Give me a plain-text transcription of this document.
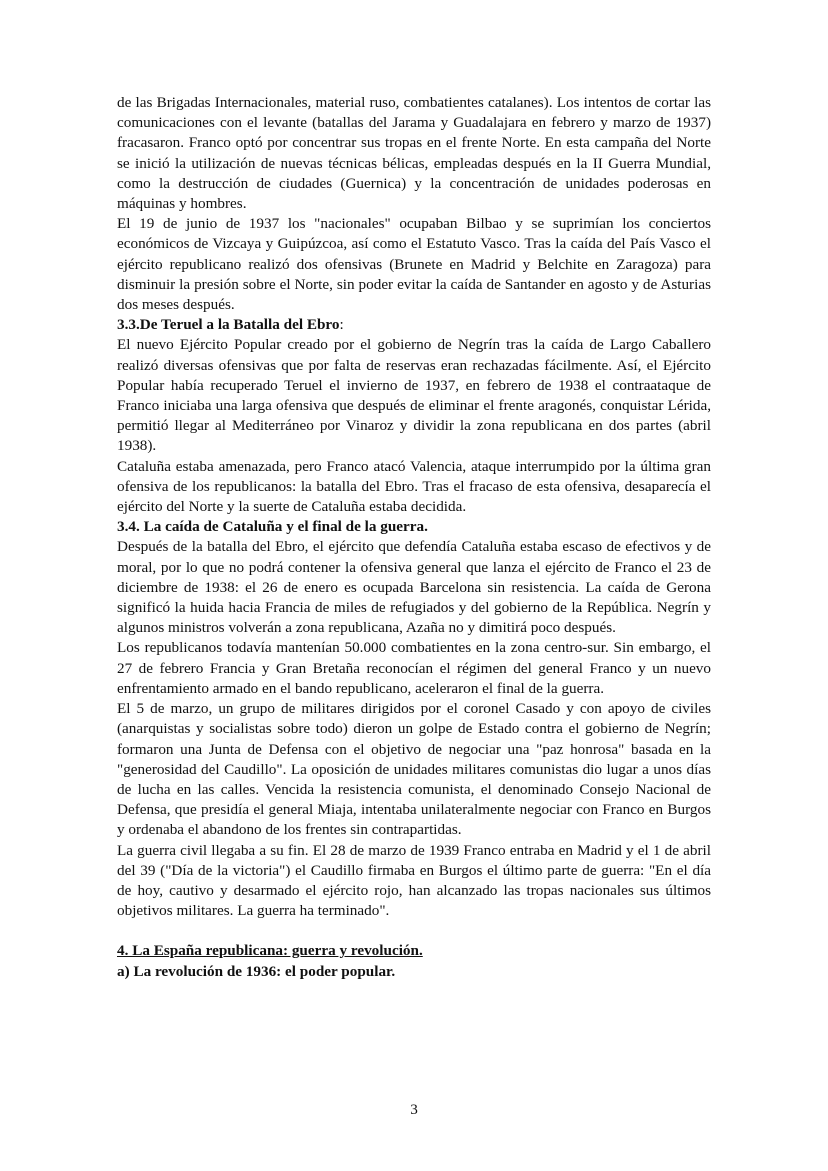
de las Brigadas Internacionales, material ruso, combatientes catalanes). Los intentos de cortar las comunicaciones con el levante (batallas del Jarama y Guadalajara en febrero y marzo de 1937) fracasaron. Franco optó por concentrar sus tropas en el frente Norte. En esta campaña del Norte se inició la utilización de nuevas técnicas bélicas, empleadas después en la II Guerra Mundial, como la destrucción de ciudades (Guernica) y la concentración de unidades poderosas en máquinas y hombres.

El 19 de junio de 1937 los "nacionales" ocupaban Bilbao y se suprimían los conciertos económicos de Vizcaya y Guipúzcoa, así como el Estatuto Vasco. Tras la caída del País Vasco el ejército republicano realizó dos ofensivas (Brunete en Madrid y Belchite en Zaragoza) para disminuir la presión sobre el Norte, sin poder evitar la caída de Santander en agosto y de Asturias dos meses después.

3.3.De Teruel a la Batalla del Ebro:

El nuevo Ejército Popular creado por el gobierno de Negrín tras la caída de Largo Caballero realizó diversas ofensivas que por falta de reservas eran rechazadas fácilmente. Así, el Ejército Popular había recuperado Teruel el invierno de 1937, en febrero de 1938 el contraataque de Franco iniciaba una larga ofensiva que después de eliminar el frente aragonés, conquistar Lérida, permitió llegar al Mediterráneo por Vinaroz y dividir la zona republicana en dos partes (abril 1938).

Cataluña estaba amenazada, pero Franco atacó Valencia, ataque interrumpido por la última gran ofensiva de los republicanos: la batalla del Ebro. Tras el fracaso de esta ofensiva, desaparecía el ejército del Norte y la suerte de Cataluña estaba decidida.

3.4. La caída de Cataluña y el final de la guerra.

Después de la batalla del Ebro, el ejército que defendía Cataluña estaba escaso de efectivos y de moral, por lo que no podrá contener la ofensiva general que lanza el ejército de Franco el 23 de diciembre de 1938: el 26 de enero es ocupada Barcelona sin resistencia. La caída de Gerona significó la huida hacia Francia de miles de refugiados y del gobierno de la República. Negrín y algunos ministros volverán a zona republicana, Azaña no y dimitirá poco después.

Los republicanos todavía mantenían 50.000 combatientes en la zona centro-sur. Sin embargo, el 27 de febrero Francia y Gran Bretaña reconocían el régimen del general Franco y un nuevo enfrentamiento armado en el bando republicano, aceleraron el final de la guerra.

El 5 de marzo, un grupo de militares dirigidos por el coronel Casado y con apoyo de civiles (anarquistas y socialistas sobre todo) dieron un golpe de Estado contra el gobierno de Negrín; formaron una Junta de Defensa con el objetivo de negociar una "paz honrosa" basada en la "generosidad del Caudillo". La oposición de unidades militares comunistas dio lugar a unos días de lucha en las calles. Vencida la resistencia comunista, el denominado Consejo Nacional de Defensa, que presidía el general Miaja, intentaba unilateralmente negociar con Franco en Burgos y ordenaba el abandono de los frentes sin contrapartidas.

La guerra civil llegaba a su fin. El 28 de marzo de 1939 Franco entraba en Madrid y el 1 de abril del 39 ("Día de la victoria") el Caudillo firmaba en Burgos el último parte de guerra: "En el día de hoy, cautivo y desarmado el ejército rojo, han alcanzado las tropas nacionales sus últimos objetivos militares. La guerra ha terminado".

4. La España republicana: guerra y revolución.
a) La revolución de 1936: el poder popular.
3
